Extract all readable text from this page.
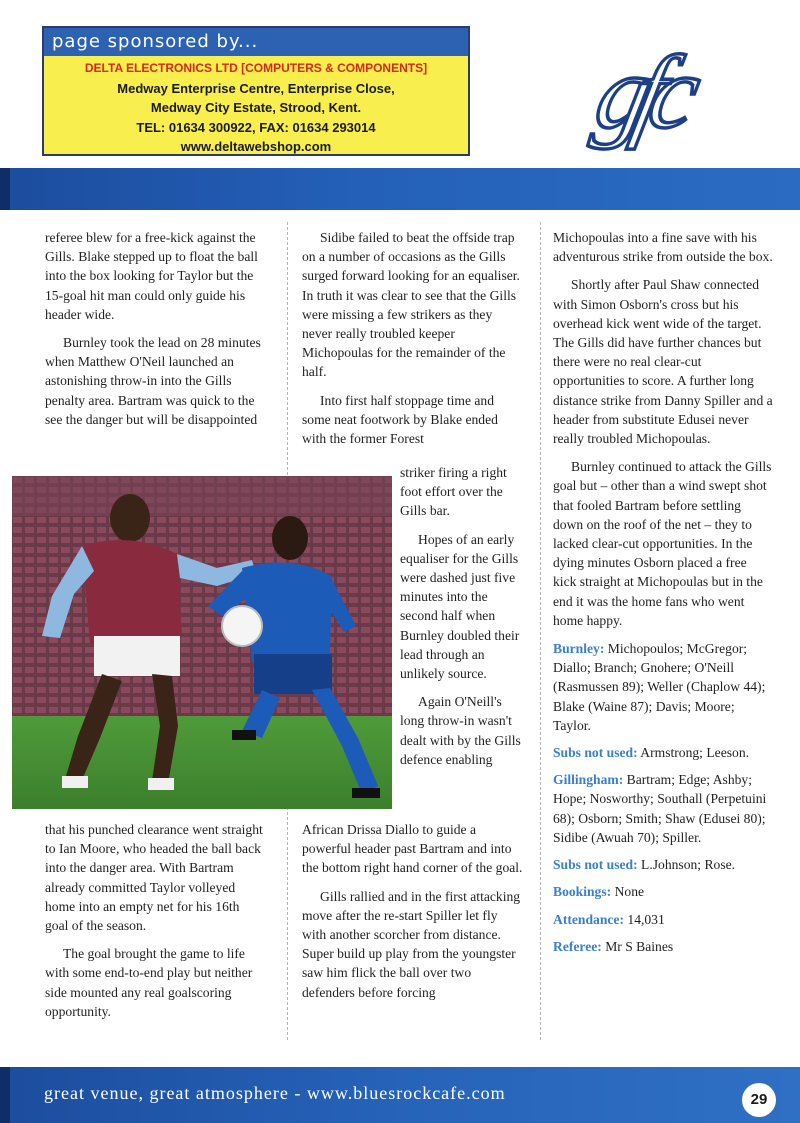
page sponsored by...
DELTA ELECTRONICS LTD [COMPUTERS & COMPONENTS]
Medway Enterprise Centre, Enterprise Close,
Medway City Estate, Strood, Kent.
TEL: 01634 300922, FAX: 01634 293014
www.deltawebshop.com	gfc

referee blew for a free-kick against the Gills. Blake stepped up to float the ball into the box looking for Taylor but the 15-goal hit man could only guide his header wide.

Burnley took the lead on 28 minutes when Matthew O'Neil launched an astonishing throw-in into the Gills penalty area. Bartram was quick to the see the danger but will be disappointed

that his punched clearance went straight to Ian Moore, who headed the ball back into the danger area. With Bartram already committed Taylor volleyed home into an empty net for his 16th goal of the season.

The goal brought the game to life with some end-to-end play but neither side mounted any real goalscoring opportunity.

Sidibe failed to beat the offside trap on a number of occasions as the Gills surged forward looking for an equaliser. In truth it was clear to see that the Gills were missing a few strikers as they never really troubled keeper Michopoulas for the remainder of the half.

Into first half stoppage time and some neat footwork by Blake ended with the former Forest

striker firing a right foot effort over the Gills bar.

Hopes of an early equaliser for the Gills were dashed just five minutes into the second half when Burnley doubled their lead through an unlikely source.

Again O'Neill's long throw-in wasn't dealt with by the Gills defence enabling

African Drissa Diallo to guide a powerful header past Bartram and into the bottom right hand corner of the goal.

Gills rallied and in the first attacking move after the re-start Spiller let fly with another scorcher from distance. Super build up play from the youngster saw him flick the ball over two defenders before forcing

Michopoulas into a fine save with his adventurous strike from outside the box.

Shortly after Paul Shaw connected with Simon Osborn's cross but his overhead kick went wide of the target. The Gills did have further chances but there were no real clear-cut opportunities to score. A further long distance strike from Danny Spiller and a header from substitute Edusei never really troubled Michopoulas.

Burnley continued to attack the Gills goal but – other than a wind swept shot that fooled Bartram before settling down on the roof of the net – they to lacked clear-cut opportunities. In the dying minutes Osborn placed a free kick straight at Michopoulas but in the end it was the home fans who went home happy.

Burnley: Michopoulos; McGregor; Diallo; Branch; Gnohere; O'Neill (Rasmussen 89); Weller (Chaplow 44); Blake (Waine 87); Davis; Moore; Taylor.

Subs not used: Armstrong; Leeson.

Gillingham: Bartram; Edge; Ashby; Hope; Nosworthy; Southall (Perpetuini 68); Osborn; Smith; Shaw (Edusei 80); Sidibe (Awuah 70); Spiller.

Subs not used: L.Johnson; Rose.

Bookings: None

Attendance: 14,031

Referee: Mr S Baines

great venue, great atmosphere - www.bluesrockcafe.com	29
